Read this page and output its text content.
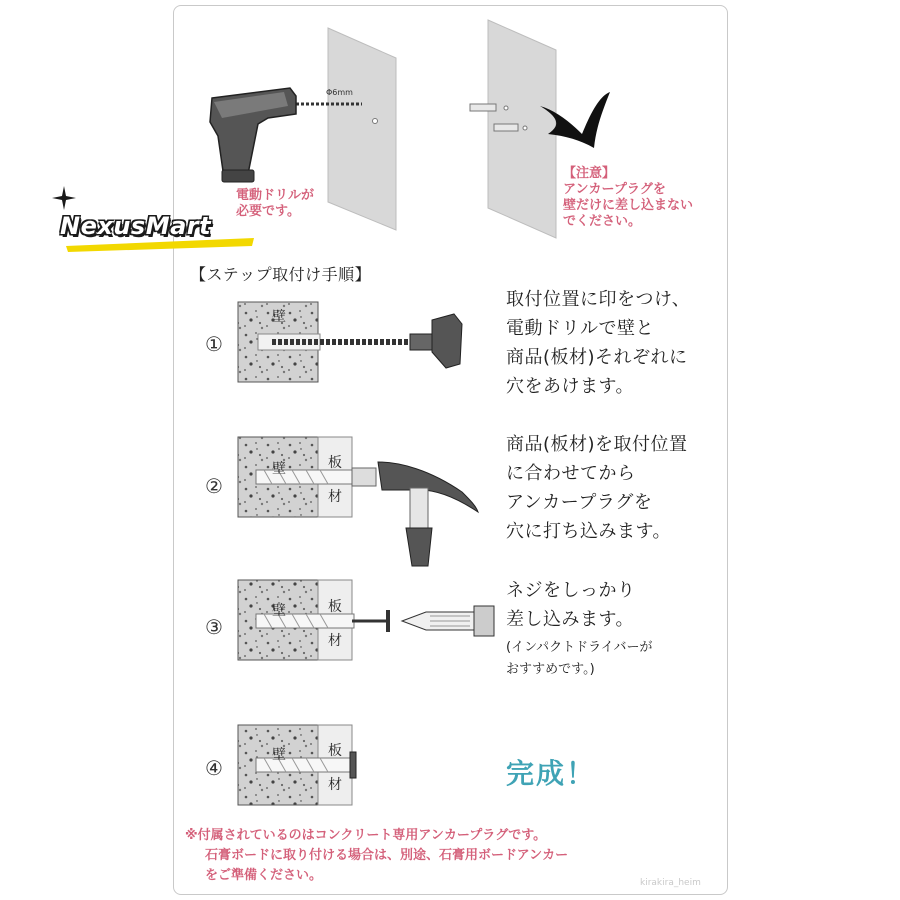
Φ6mm
NexusMart
電動ドリルが
必要です。
【注意】
アンカープラグを
壁だけに差し込まない
でください。
【ステップ取付け手順】
壁
壁	板
材
壁	板
材
壁	板
材
①
②
③
④
取付位置に印をつけ、
電動ドリルで壁と
商品(板材)それぞれに
穴をあけます。
商品(板材)を取付位置
に合わせてから
アンカープラグを
穴に打ち込みます。
ネジをしっかり
差し込みます。
(インパクトドライバーが
おすすめです。)
完成！
※付属されているのはコンクリート専用アンカープラグです。
石膏ボードに取り付ける場合は、別途、石膏用ボードアンカー
をご準備ください。	kirakira_heim
